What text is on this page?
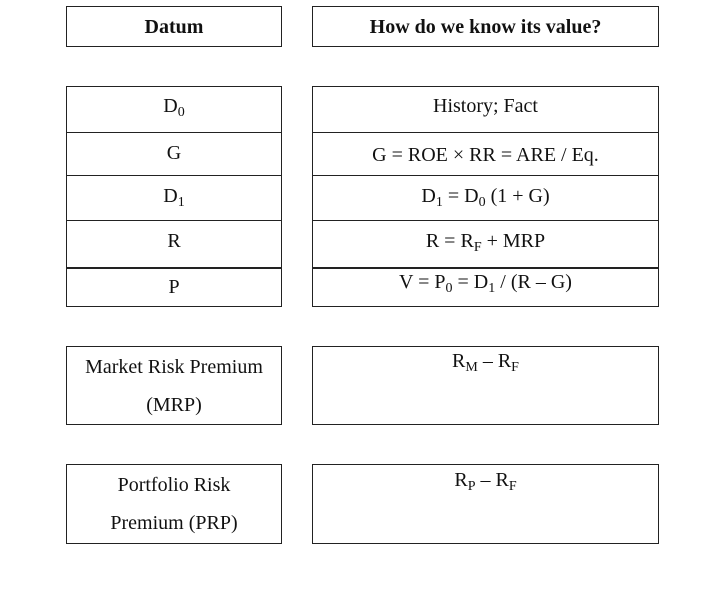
Datum	How do we know its value?
$D_0$
G
$D_1$
R
P
History; Fact
G = ROE × RR = ARE / Eq.
$D_1 = D_0$ (1 + G)
$R = R_F$ + MRP
$V = P_0 = D_1 / (R - G)$
Market Risk Premium
(MRP)
$R_M - R_F$
Portfolio Risk
Premium (PRP)
$R_P - R_F$
